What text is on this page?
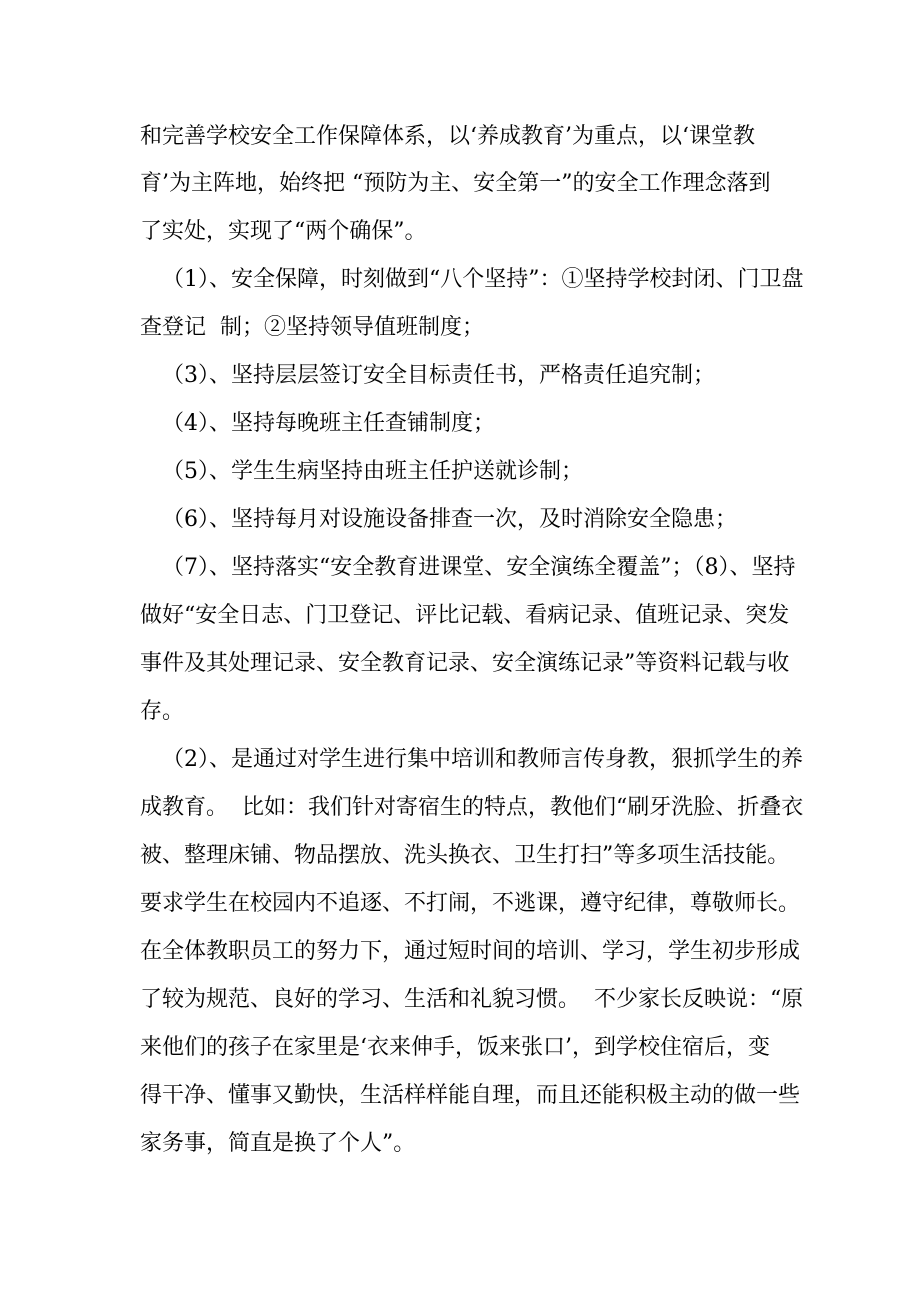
和完善学校安全工作保障体系，以‘养成教育’为重点，以‘课堂教
育’为主阵地，始终把 “预防为主、安全第一”的安全工作理念落到
了实处，实现了“两个确保”。
（1）、安全保障，时刻做到“八个坚持”：①坚持学校封闭、门卫盘
查登记  制；②坚持领导值班制度；
（3）、坚持层层签订安全目标责任书，严格责任追究制；
（4）、坚持每晚班主任查铺制度；
（5）、学生生病坚持由班主任护送就诊制；
（6）、坚持每月对设施设备排查一次，及时消除安全隐患；
（7）、坚持落实“安全教育进课堂、安全演练全覆盖”；（8）、坚持
做好“安全日志、门卫登记、评比记载、看病记录、值班记录、突发
事件及其处理记录、安全教育记录、安全演练记录”等资料记载与收
存。
（2）、是通过对学生进行集中培训和教师言传身教，狠抓学生的养
成教育。  比如：我们针对寄宿生的特点，教他们“刷牙洗脸、折叠衣
被、整理床铺、物品摆放、洗头换衣、卫生打扫”等多项生活技能。
要求学生在校园内不追逐、不打闹，不逃课，遵守纪律，尊敬师长。
在全体教职员工的努力下，通过短时间的培训、学习，学生初步形成
了较为规范、良好的学习、生活和礼貌习惯。  不少家长反映说：“原
来他们的孩子在家里是‘衣来伸手，饭来张口’，到学校住宿后，变
得干净、懂事又勤快，生活样样能自理，而且还能积极主动的做一些
家务事，简直是换了个人”。
